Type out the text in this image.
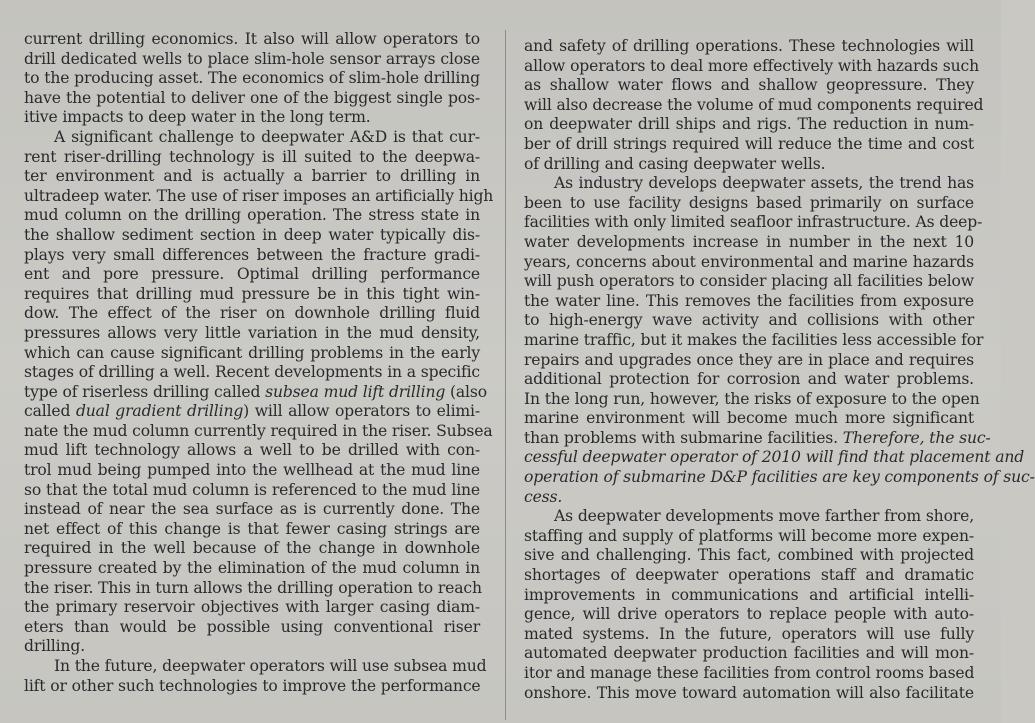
current drilling economics. It also will allow operators to
drill dedicated wells to place slim-hole sensor arrays close
to the producing asset. The economics of slim-hole drilling
have the potential to deliver one of the biggest single pos-
itive impacts to deep water in the long term.
A significant challenge to deepwater A&D is that cur-
rent riser-drilling technology is ill suited to the deepwa-
ter environment and is actually a barrier to drilling in
ultradeep water. The use of riser imposes an artificially high
mud column on the drilling operation. The stress state in
the shallow sediment section in deep water typically dis-
plays very small differences between the fracture gradi-
ent and pore pressure. Optimal drilling performance
requires that drilling mud pressure be in this tight win-
dow. The effect of the riser on downhole drilling fluid
pressures allows very little variation in the mud density,
which can cause significant drilling problems in the early
stages of drilling a well. Recent developments in a specific
type of riserless drilling called subsea mud lift drilling (also
called dual gradient drilling) will allow operators to elimi-
nate the mud column currently required in the riser. Subsea
mud lift technology allows a well to be drilled with con-
trol mud being pumped into the wellhead at the mud line
so that the total mud column is referenced to the mud line
instead of near the sea surface as is currently done. The
net effect of this change is that fewer casing strings are
required in the well because of the change in downhole
pressure created by the elimination of the mud column in
the riser. This in turn allows the drilling operation to reach
the primary reservoir objectives with larger casing diam-
eters than would be possible using conventional riser
drilling.
In the future, deepwater operators will use subsea mud
lift or other such technologies to improve the performance
and safety of drilling operations. These technologies will
allow operators to deal more effectively with hazards such
as shallow water flows and shallow geopressure. They
will also decrease the volume of mud components required
on deepwater drill ships and rigs. The reduction in num-
ber of drill strings required will reduce the time and cost
of drilling and casing deepwater wells.
As industry develops deepwater assets, the trend has
been to use facility designs based primarily on surface
facilities with only limited seafloor infrastructure. As deep-
water developments increase in number in the next 10
years, concerns about environmental and marine hazards
will push operators to consider placing all facilities below
the water line. This removes the facilities from exposure
to high-energy wave activity and collisions with other
marine traffic, but it makes the facilities less accessible for
repairs and upgrades once they are in place and requires
additional protection for corrosion and water problems.
In the long run, however, the risks of exposure to the open
marine environment will become much more significant
than problems with submarine facilities. Therefore, the suc-
cessful deepwater operator of 2010 will find that placement and
operation of submarine D&P facilities are key components of suc-
cess.
As deepwater developments move farther from shore,
staffing and supply of platforms will become more expen-
sive and challenging. This fact, combined with projected
shortages of deepwater operations staff and dramatic
improvements in communications and artificial intelli-
gence, will drive operators to replace people with auto-
mated systems. In the future, operators will use fully
automated deepwater production facilities and will mon-
itor and manage these facilities from control rooms based
onshore. This move toward automation will also facilitate
